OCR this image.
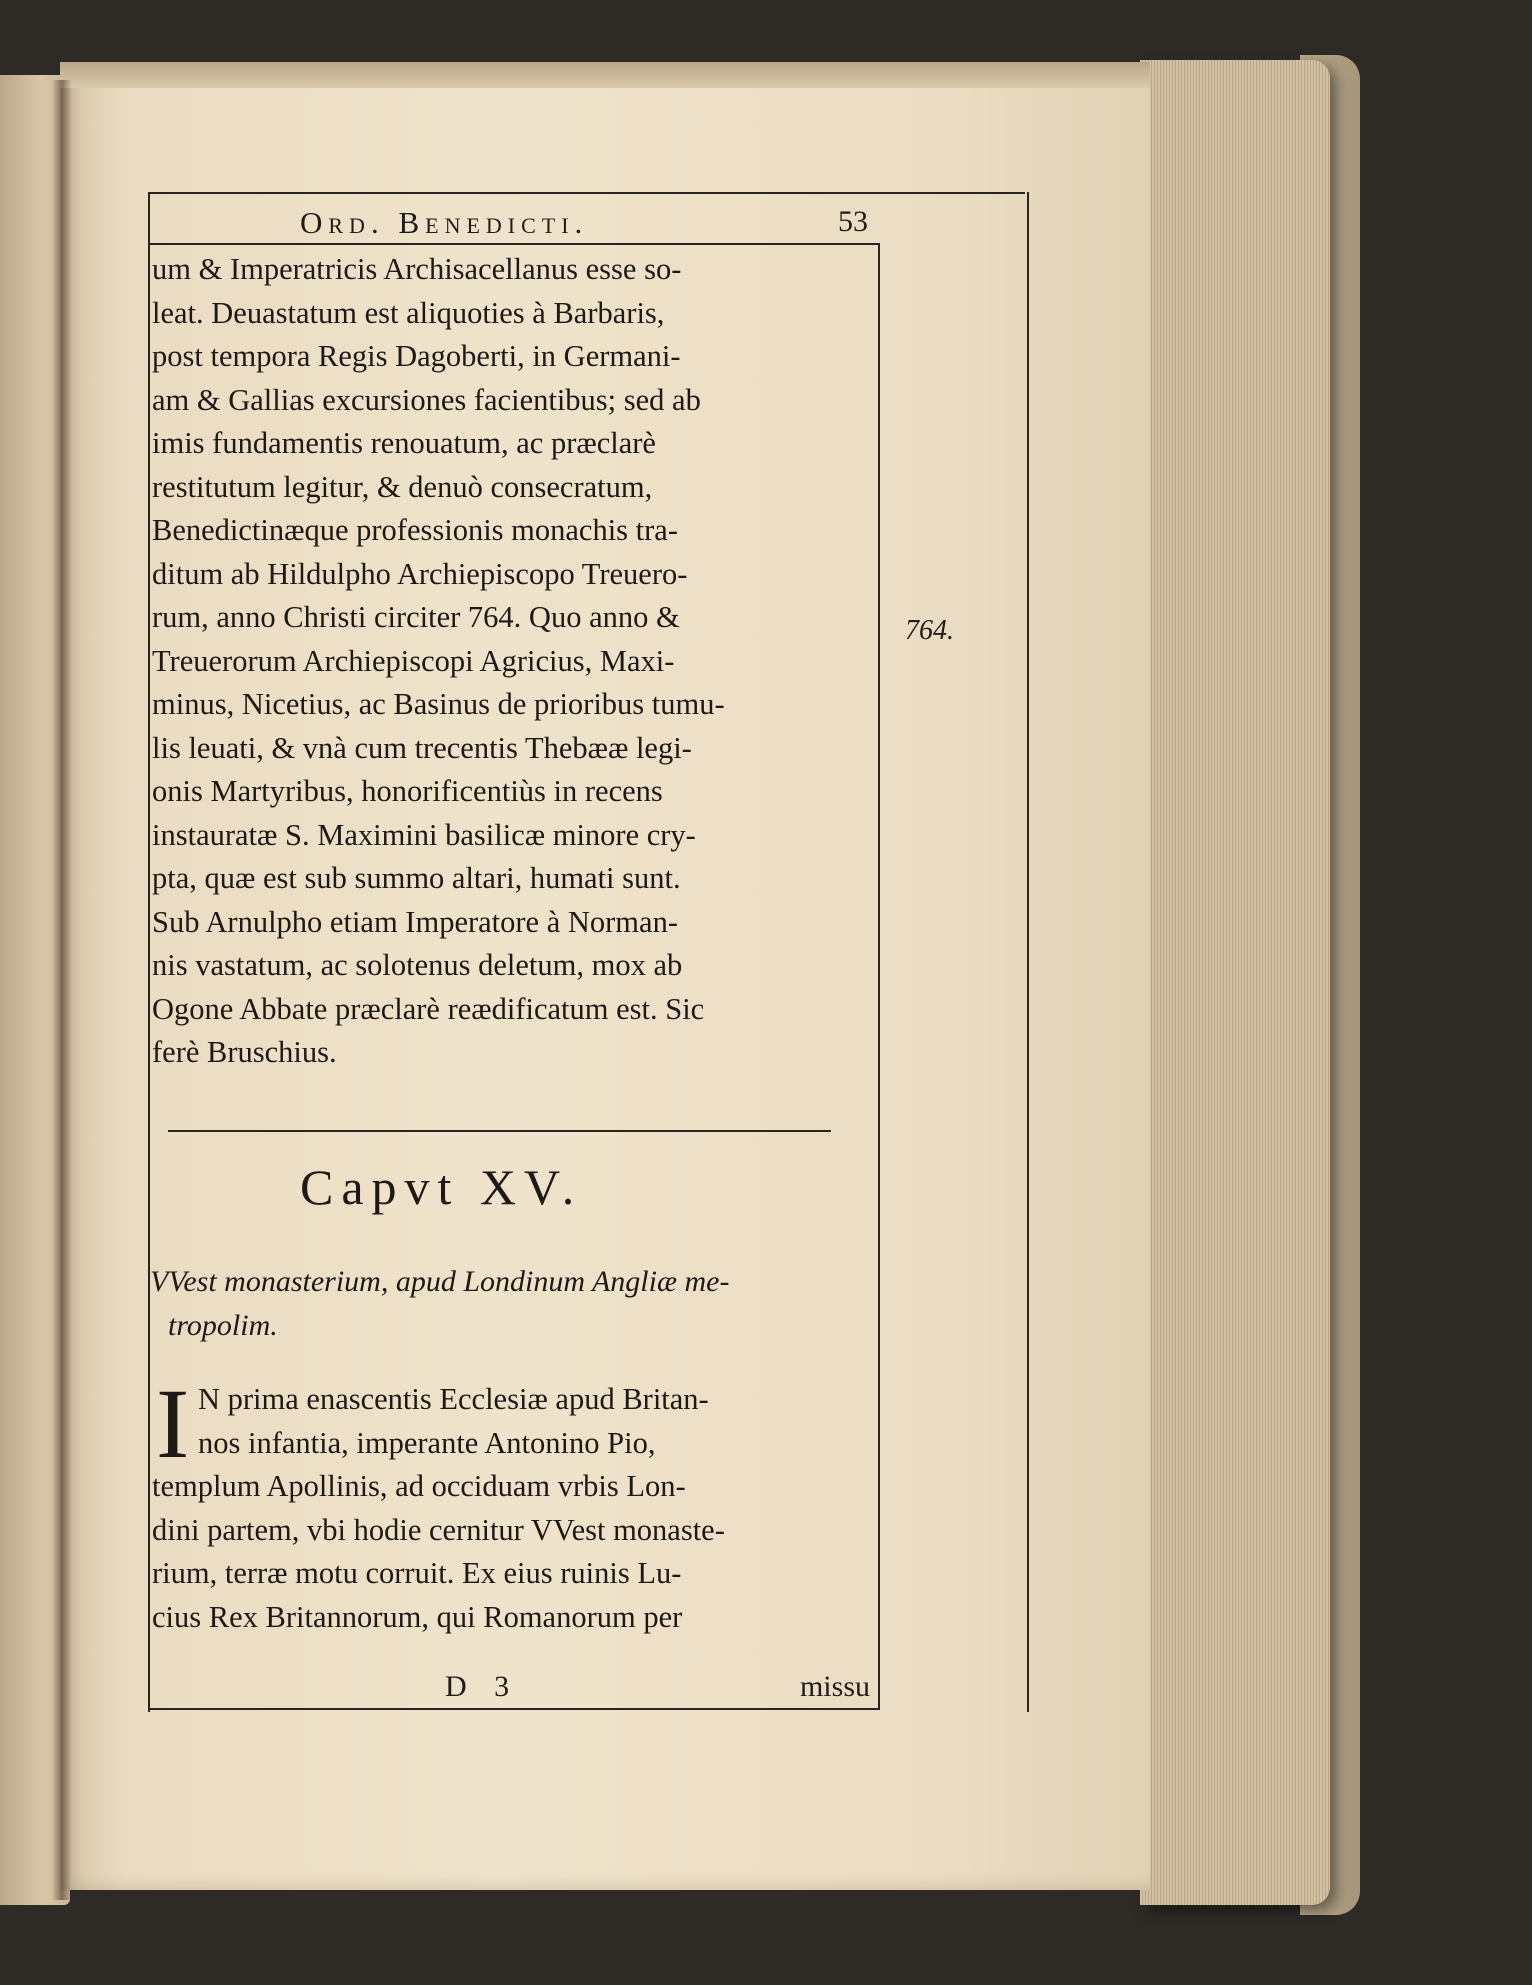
Ord. Benedicti.	53
um & Imperatricis Archisacellanus esse so-
leat. Deuastatum est aliquoties à Barbaris,
post tempora Regis Dagoberti, in Germani-
am & Gallias excursiones facientibus; sed ab
imis fundamentis renouatum, ac præclarè
restitutum legitur, & denuò consecratum,
Benedictinæque professionis monachis tra-
ditum ab Hildulpho Archiepiscopo Treuero-
rum, anno Christi circiter 764. Quo anno &
Treuerorum Archiepiscopi Agricius, Maxi-
minus, Nicetius, ac Basinus de prioribus tumu-
lis leuati, & vnà cum trecentis Thebææ legi-
onis Martyribus, honorificentiùs in recens
instauratæ S. Maximini basilicæ minore cry-
pta, quæ est sub summo altari, humati sunt.
Sub Arnulpho etiam Imperatore à Norman-
nis vastatum, ac solotenus deletum, mox ab
Ogone Abbate præclarè reædificatum est. Sic
ferè Bruschius.
764.
Capvt XV.
VVest monasterium, apud Londinum Angliæ me-
tropolim.
I N prima enascentis Ecclesiæ apud Britan-
nos infantia, imperante Antonino Pio,
templum Apollinis, ad occiduam vrbis Lon-
dini partem, vbi hodie cernitur VVest monaste-
rium, terræ motu corruit. Ex eius ruinis Lu-
cius Rex Britannorum, qui Romanorum per
D 3	missu
